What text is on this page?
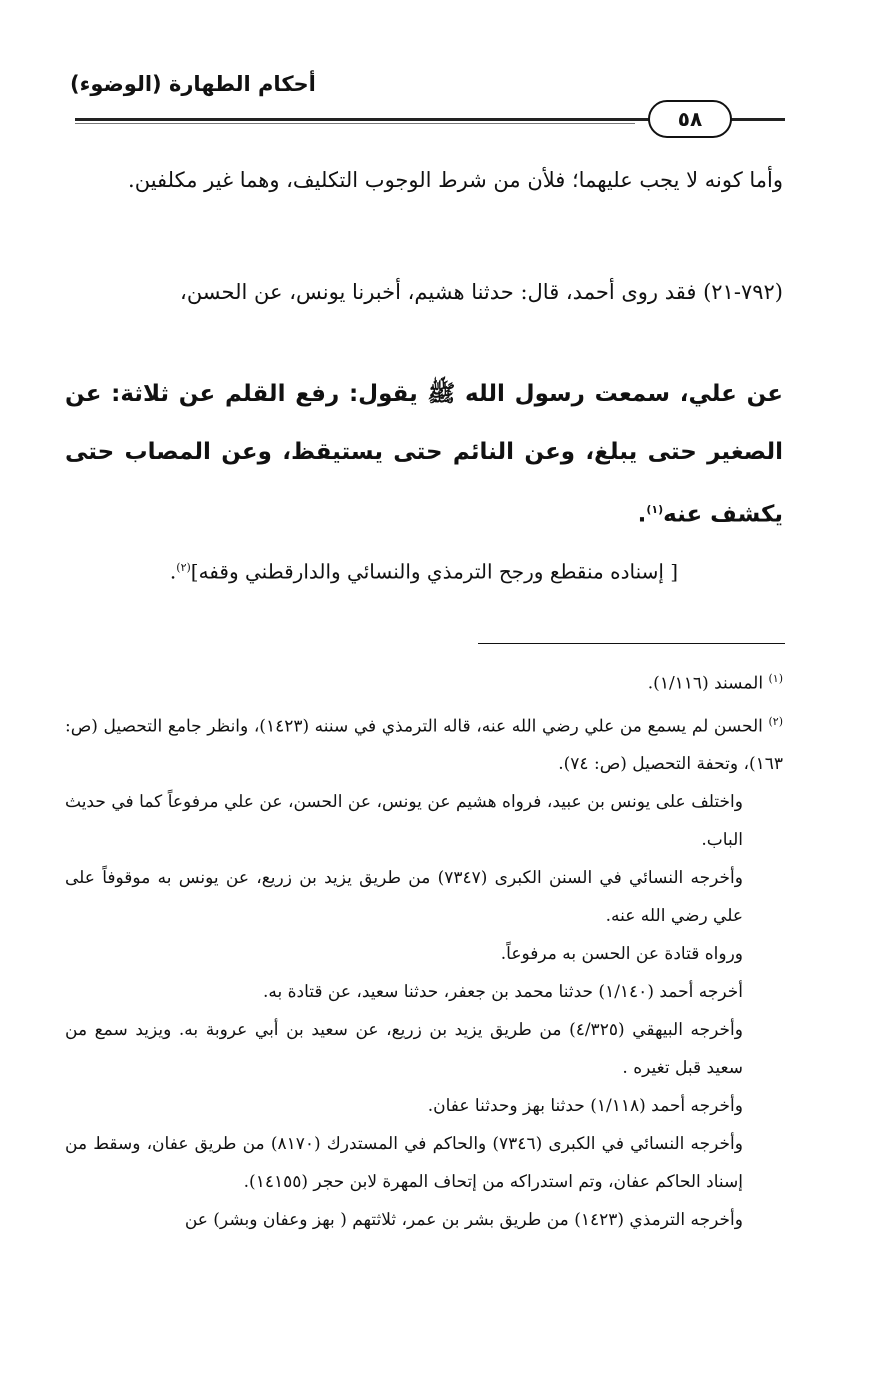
أحكام الطهارة (الوضوء)
٥٨
وأما كونه لا يجب عليهما؛ فلأن من شرط الوجوب التكليف، وهما غير مكلفين.
(٧٩٢-٢١) فقد روى أحمد، قال: حدثنا هشيم، أخبرنا يونس، عن الحسن،
عن علي، سمعت رسول الله ﷺ يقول: رفع القلم عن ثلاثة: عن الصغير حتى يبلغ، وعن النائم حتى يستيقظ، وعن المصاب حتى يكشف عنه$^{(١)}$.
[ إسناده منقطع ورجح الترمذي والنسائي والدارقطني وقفه]$^{(٢)}$.

$^{(١)}$ المسند (١/١١٦).

$^{(٢)}$ الحسن لم يسمع من علي رضي الله عنه، قاله الترمذي في سننه (١٤٢٣)، وانظر جامع التحصيل (ص: ١٦٣)، وتحفة التحصيل (ص: ٧٤).

واختلف على يونس بن عبيد، فرواه هشيم عن يونس، عن الحسن، عن علي مرفوعاً كما في حديث الباب.

وأخرجه النسائي في السنن الكبرى (٧٣٤٧) من طريق يزيد بن زريع، عن يونس به موقوفاً على علي رضي الله عنه.

ورواه قتادة عن الحسن به مرفوعاً.

أخرجه أحمد (١/١٤٠) حدثنا محمد بن جعفر، حدثنا سعيد، عن قتادة به.

وأخرجه البيهقي (٤/٣٢٥) من طريق يزيد بن زريع، عن سعيد بن أبي عروبة به. ويزيد سمع من سعيد قبل تغيره .

وأخرجه أحمد (١/١١٨) حدثنا بهز وحدثنا عفان.

وأخرجه النسائي في الكبرى (٧٣٤٦) والحاكم في المستدرك (٨١٧٠) من طريق عفان، وسقط من إسناد الحاكم عفان، وتم استدراكه من إتحاف المهرة لابن حجر (١٤١٥٥).

وأخرجه الترمذي (١٤٢٣) من طريق بشر بن عمر، ثلاثتهم ( بهز وعفان وبشر) عن
